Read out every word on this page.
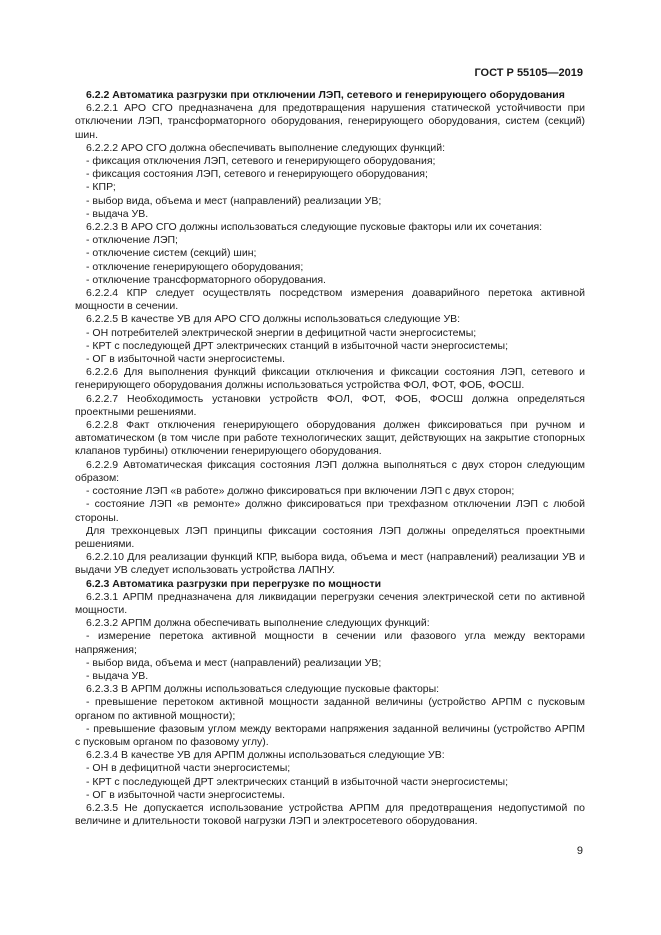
ГОСТ Р 55105—2019
6.2.2 Автоматика разгрузки при отключении ЛЭП, сетевого и генерирующего оборудования
6.2.2.1 АРО СГО предназначена для предотвращения нарушения статической устойчивости при отключении ЛЭП, трансформаторного оборудования, генерирующего оборудования, систем (секций) шин.
6.2.2.2 АРО СГО должна обеспечивать выполнение следующих функций:
- фиксация отключения ЛЭП, сетевого и генерирующего оборудования;
- фиксация состояния ЛЭП, сетевого и генерирующего оборудования;
- КПР;
- выбор вида, объема и мест (направлений) реализации УВ;
- выдача УВ.
6.2.2.3 В АРО СГО должны использоваться следующие пусковые факторы или их сочетания:
- отключение ЛЭП;
- отключение систем (секций) шин;
- отключение генерирующего оборудования;
- отключение трансформаторного оборудования.
6.2.2.4 КПР следует осуществлять посредством измерения доаварийного перетока активной мощности в сечении.
6.2.2.5 В качестве УВ для АРО СГО должны использоваться следующие УВ:
- ОН потребителей электрической энергии в дефицитной части энергосистемы;
- КРТ с последующей ДРТ электрических станций в избыточной части энергосистемы;
- ОГ в избыточной части энергосистемы.
6.2.2.6 Для выполнения функций фиксации отключения и фиксации состояния ЛЭП, сетевого и генерирующего оборудования должны использоваться устройства ФОЛ, ФОТ, ФОБ, ФОСШ.
6.2.2.7 Необходимость установки устройств ФОЛ, ФОТ, ФОБ, ФОСШ должна определяться проектными решениями.
6.2.2.8 Факт отключения генерирующего оборудования должен фиксироваться при ручном и автоматическом (в том числе при работе технологических защит, действующих на закрытие стопорных клапанов турбины) отключении генерирующего оборудования.
6.2.2.9 Автоматическая фиксация состояния ЛЭП должна выполняться с двух сторон следующим образом:
- состояние ЛЭП «в работе» должно фиксироваться при включении ЛЭП с двух сторон;
- состояние ЛЭП «в ремонте» должно фиксироваться при трехфазном отключении ЛЭП с любой стороны.
Для трехконцевых ЛЭП принципы фиксации состояния ЛЭП должны определяться проектными решениями.
6.2.2.10 Для реализации функций КПР, выбора вида, объема и мест (направлений) реализации УВ и выдачи УВ следует использовать устройства ЛАПНУ.
6.2.3 Автоматика разгрузки при перегрузке по мощности
6.2.3.1 АРПМ предназначена для ликвидации перегрузки сечения электрической сети по активной мощности.
6.2.3.2 АРПМ должна обеспечивать выполнение следующих функций:
- измерение перетока активной мощности в сечении или фазового угла между векторами напряжения;
- выбор вида, объема и мест (направлений) реализации УВ;
- выдача УВ.
6.2.3.3 В АРПМ должны использоваться следующие пусковые факторы:
- превышение перетоком активной мощности заданной величины (устройство АРПМ с пусковым органом по активной мощности);
- превышение фазовым углом между векторами напряжения заданной величины (устройство АРПМ с пусковым органом по фазовому углу).
6.2.3.4 В качестве УВ для АРПМ должны использоваться следующие УВ:
- ОН в дефицитной части энергосистемы;
- КРТ с последующей ДРТ электрических станций в избыточной части энергосистемы;
- ОГ в избыточной части энергосистемы.
6.2.3.5 Не допускается использование устройства АРПМ для предотвращения недопустимой по величине и длительности токовой нагрузки ЛЭП и электросетевого оборудования.
9
